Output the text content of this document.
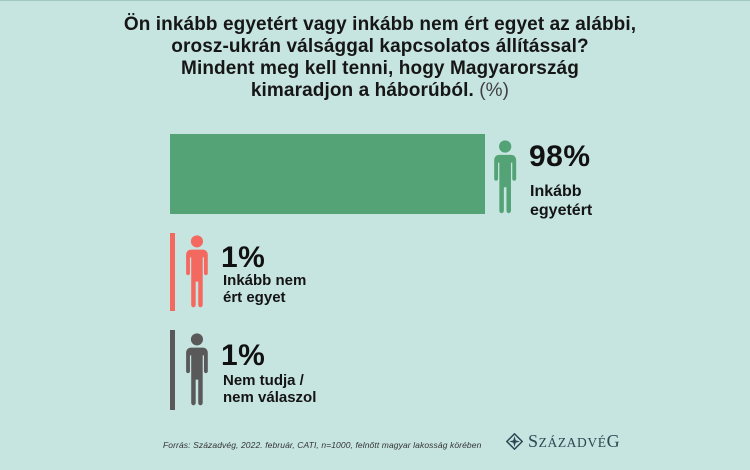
Ön inkább egyetért vagy inkább nem ért egyet az alábbi,
orosz-ukrán válsággal kapcsolatos állítással?
Mindent meg kell tenni, hogy Magyarország
kimaradjon a háborúból. (%)
98%
Inkább
egyetért
1%
Inkább nem
ért egyet
1%
Nem tudja /
nem válaszol
Forrás: Századvég, 2022. február, CATI, n=1000, felnőtt magyar lakosság körében	SZÁZADVÉG
